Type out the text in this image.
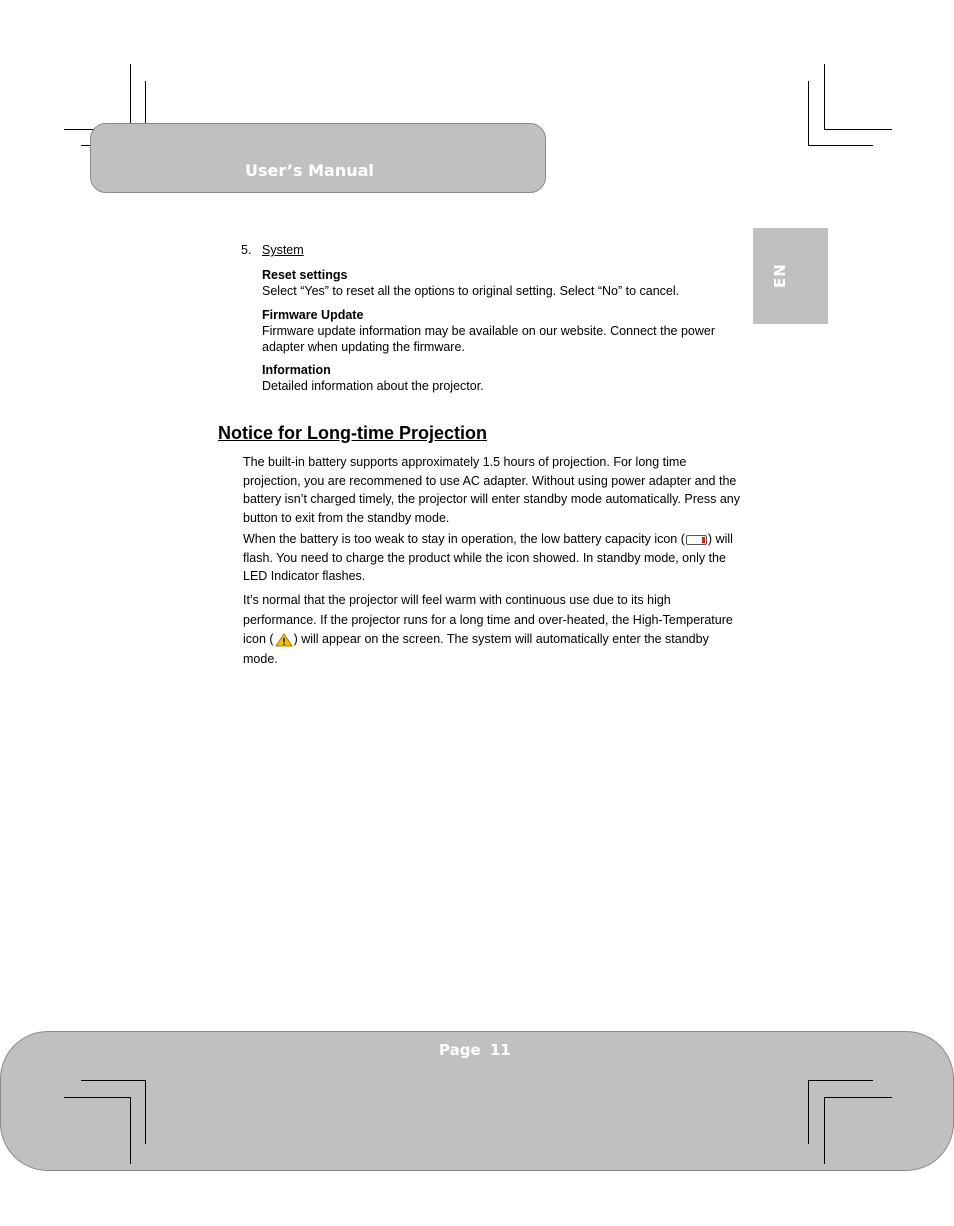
User’s Manual
EN
5. System
Reset settings
Select “Yes” to reset all the options to original setting. Select “No” to cancel.
Firmware Update
Firmware update information may be available on our website. Connect the power adapter when updating the firmware.
Information
Detailed information about the projector.
Notice for Long-time Projection
The built-in battery supports approximately 1.5 hours of projection. For long time projection, you are recommened to use AC adapter. Without using power adapter and the battery isn’t charged timely, the projector will enter standby mode automatically. Press any button to exit from the standby mode.
When the battery is too weak to stay in operation, the low battery capacity icon ( ) will flash. You need to charge the product while the icon showed. In standby mode, only the LED Indicator flashes.
It’s normal that the projector will feel warm with continuous use due to its high performance. If the projector runs for a long time and over-heated, the High-Temperature icon ( ) will appear on the screen. The system will automatically enter the standby mode.
Page 11
